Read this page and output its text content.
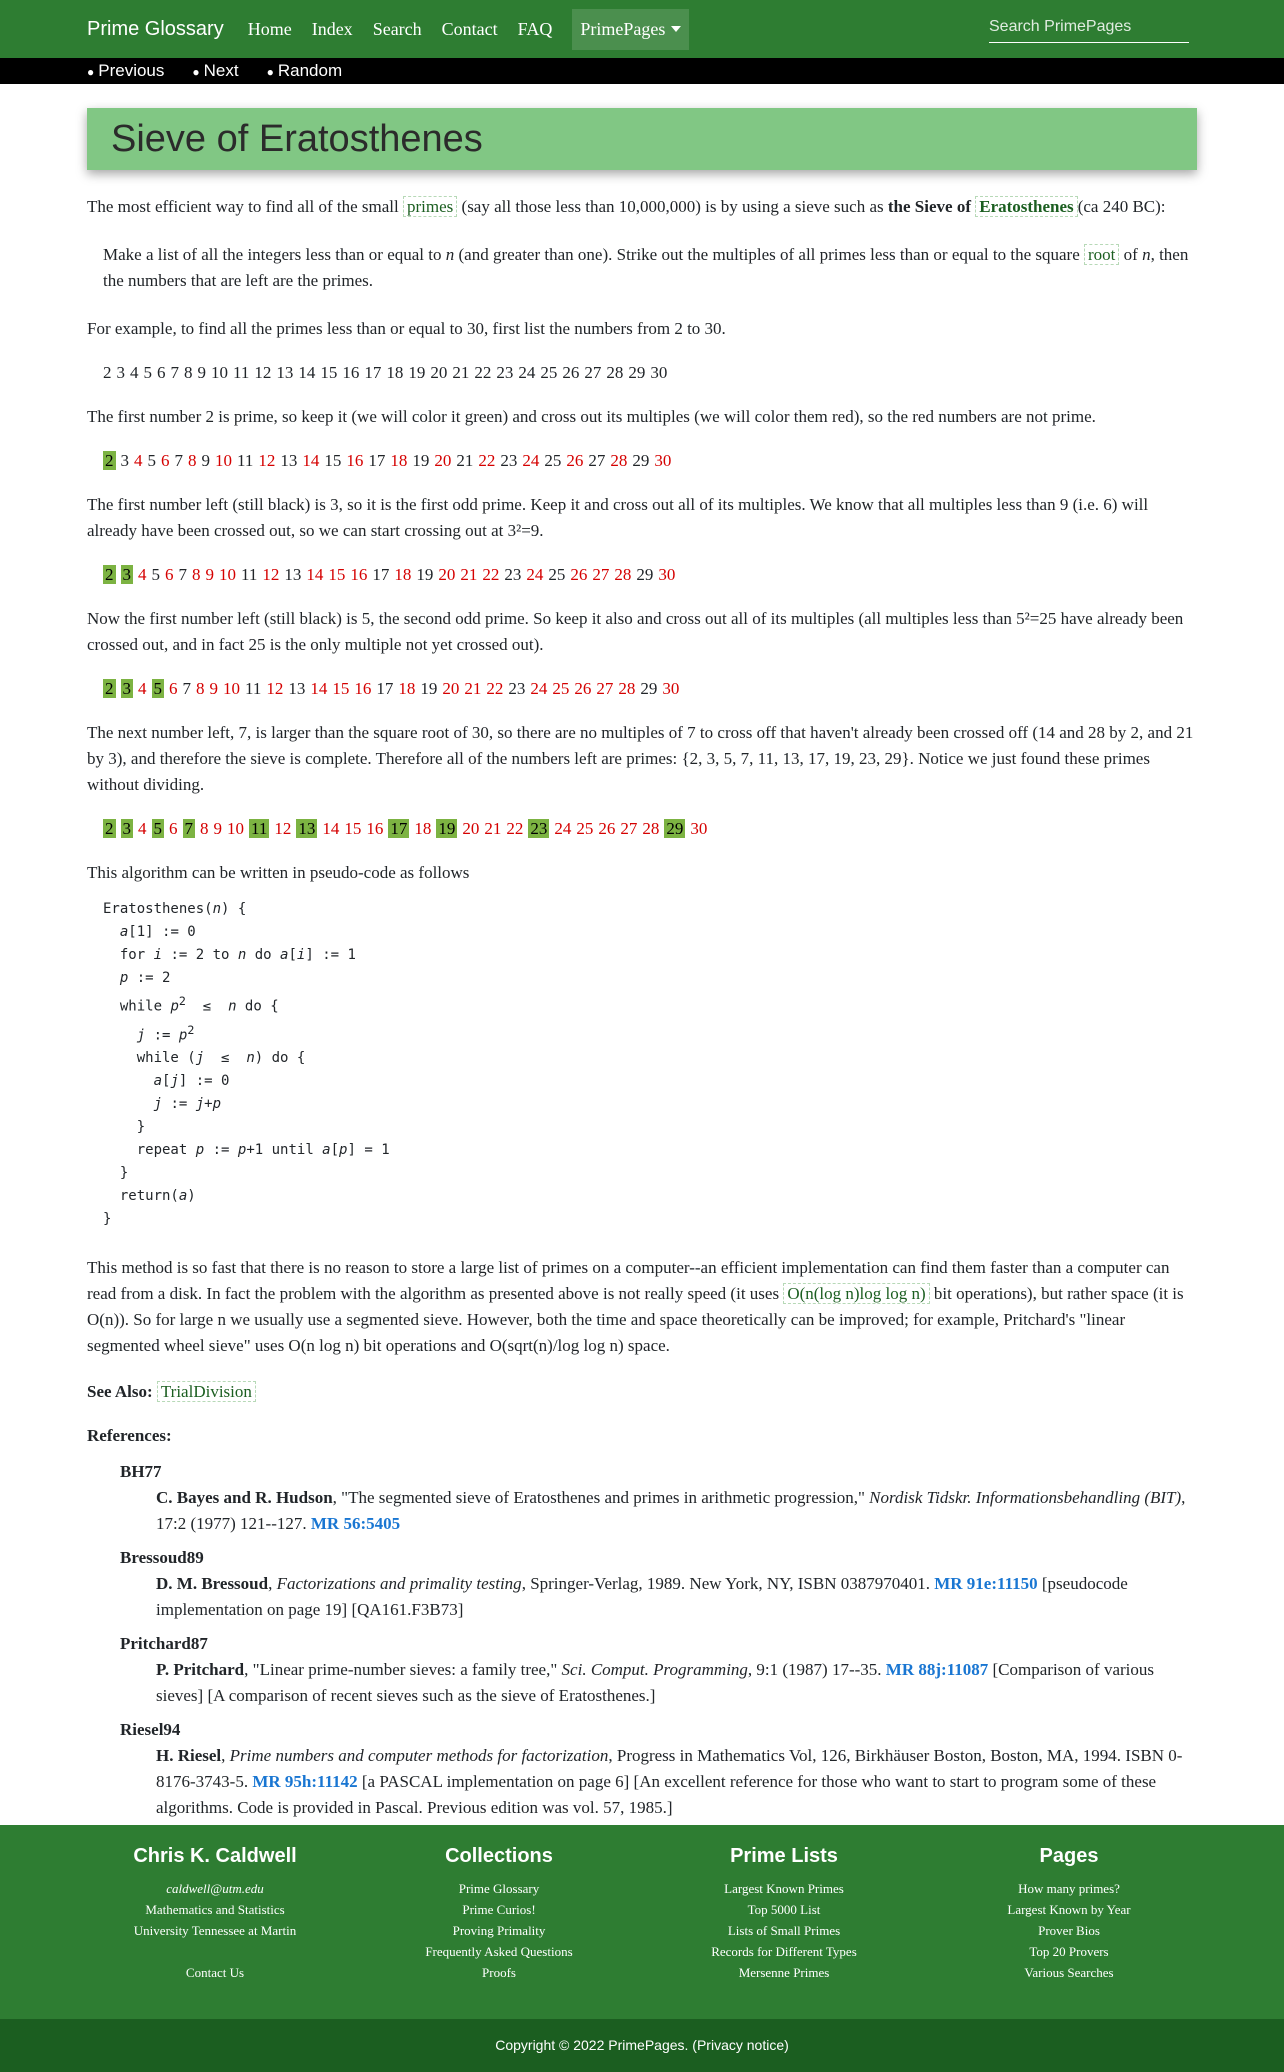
Prime Glossary Home Index Search Contact FAQ PrimePages
Search PrimePages
● Previous ● Next ● Random
Sieve of Eratosthenes

The most efficient way to find all of the small primes (say all those less than 10,000,000) is by using a sieve such as the Sieve of Eratosthenes (ca 240 BC):

Make a list of all the integers less than or equal to n (and greater than one). Strike out the multiples of all primes less than or equal to the square root of n, then the numbers that are left are the primes.

For example, to find all the primes less than or equal to 30, first list the numbers from 2 to 30.

2 3 4 5 6 7 8 9 10 11 12 13 14 15 16 17 18 19 20 21 22 23 24 25 26 27 28 29 30

The first number 2 is prime, so keep it (we will color it green) and cross out its multiples (we will color them red), so the red numbers are not prime.

2 3 4 5 6 7 8 9 10 11 12 13 14 15 16 17 18 19 20 21 22 23 24 25 26 27 28 29 30

The first number left (still black) is 3, so it is the first odd prime. Keep it and cross out all of its multiples. We know that all multiples less than 9 (i.e. 6) will already have been crossed out, so we can start crossing out at 3²=9.

2 3 4 5 6 7 8 9 10 11 12 13 14 15 16 17 18 19 20 21 22 23 24 25 26 27 28 29 30

Now the first number left (still black) is 5, the second odd prime. So keep it also and cross out all of its multiples (all multiples less than 5²=25 have already been crossed out, and in fact 25 is the only multiple not yet crossed out).

2 3 4 5 6 7 8 9 10 11 12 13 14 15 16 17 18 19 20 21 22 23 24 25 26 27 28 29 30

The next number left, 7, is larger than the square root of 30, so there are no multiples of 7 to cross off that haven't already been crossed off (14 and 28 by 2, and 21 by 3), and therefore the sieve is complete. Therefore all of the numbers left are primes: {2, 3, 5, 7, 11, 13, 17, 19, 23, 29}. Notice we just found these primes without dividing.

2 3 4 5 6 7 8 9 10 11 12 13 14 15 16 17 18 19 20 21 22 23 24 25 26 27 28 29 30

This algorithm can be written in pseudo-code as follows

Eratosthenes(n) {
a[1] := 0
for i := 2 to n do a[i] := 1
p := 2
while $p^2 \le n$ do {
j := $p^2$
while (j  ≤  n) do {
a[j] := 0
j := j+p
}
repeat p := p+1 until a[p] = 1
}
return(a)
}

This method is so fast that there is no reason to store a large list of primes on a computer--an efficient implementation can find them faster than a computer can read from a disk. In fact the problem with the algorithm as presented above is not really speed (it uses O(n(log n)log log n) bit operations), but rather space (it is O(n)). So for large n we usually use a segmented sieve. However, both the time and space theoretically can be improved; for example, Pritchard's "linear segmented wheel sieve" uses O(n log n) bit operations and O(sqrt(n)/log log n) space.

See Also: TrialDivision

References:

BH77
C. Bayes and R. Hudson, "The segmented sieve of Eratosthenes and primes in arithmetic progression," Nordisk Tidskr. Informationsbehandling (BIT), 17:2 (1977) 121--127. MR 56:5405
Bressoud89
D. M. Bressoud, Factorizations and primality testing, Springer-Verlag, 1989. New York, NY, ISBN 0387970401. MR 91e:11150 [pseudocode implementation on page 19] [QA161.F3B73]
Pritchard87
P. Pritchard, "Linear prime-number sieves: a family tree," Sci. Comput. Programming, 9:1 (1987) 17--35. MR 88j:11087 [Comparison of various sieves] [A comparison of recent sieves such as the sieve of Eratosthenes.]
Riesel94
H. Riesel, Prime numbers and computer methods for factorization, Progress in Mathematics Vol, 126, Birkhäuser Boston, Boston, MA, 1994. ISBN 0-8176-3743-5. MR 95h:11142 [a PASCAL implementation on page 6] [An excellent reference for those who want to start to program some of these algorithms. Code is provided in Pascal. Previous edition was vol. 57, 1985.]
Chris K. Caldwell
caldwell@utm.edu
Mathematics and Statistics
University Tennessee at Martin

Contact Us
Collections
Prime Glossary
Prime Curios!
Proving Primality
Frequently Asked Questions
Proofs
Prime Lists
Largest Known Primes
Top 5000 List
Lists of Small Primes
Records for Different Types
Mersenne Primes
Pages
How many primes?
Largest Known by Year
Prover Bios
Top 20 Provers
Various Searches
Copyright © 2022 PrimePages. (Privacy notice)
